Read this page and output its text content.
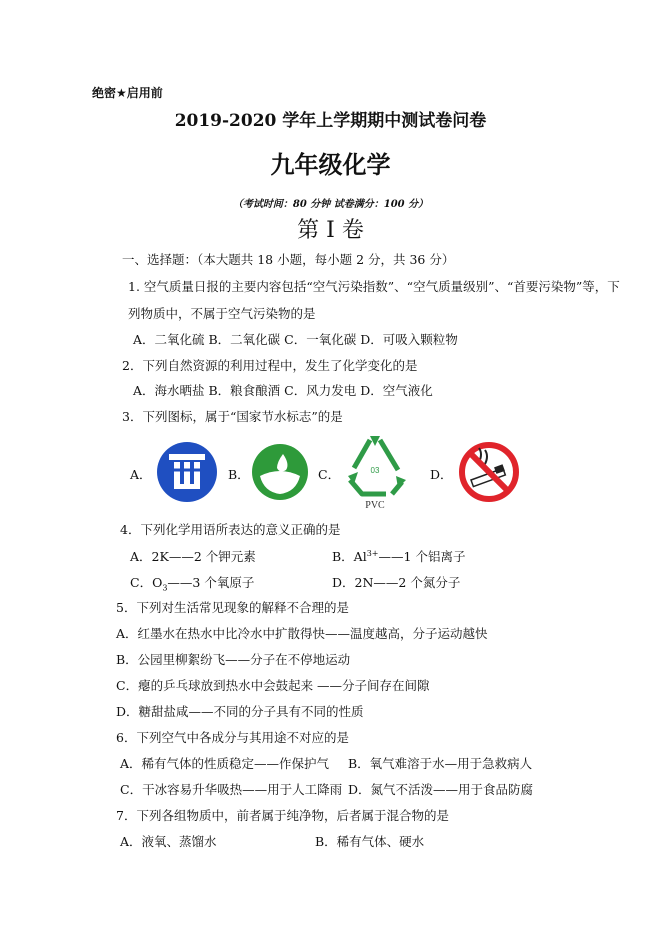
绝密★启用前
2019-2020 学年上学期期中测试卷问卷
九年级化学
（考试时间：80 分钟 试卷满分：100 分）
第 I 卷
一、选择题：（本大题共 18 小题，每小题 2 分，共 36 分）
1. 空气质量日报的主要内容包括“空气污染指数”、“空气质量级别”、“首要污染物”等，下
列物质中，不属于空气污染物的是
A．二氧化硫 B．二氧化碳 C．一氧化碳 D．可吸入颗粒物
2．下列自然资源的利用过程中，发生了化学变化的是
A．海水晒盐 B．粮食酿酒 C．风力发电 D．空气液化
3．下列图标，属于“国家节水标志”的是
A．	B．	C．	D．
03
PVC
4．下列化学用语所表达的意义正确的是
A．2K——2 个钾元素	B．$Al^{3+}——1$ 个铝离子
C．$O_3——3$ 个氧原子	D．2N——2 个氮分子
5．下列对生活常见现象的解释不合理的是
A．红墨水在热水中比冷水中扩散得快——温度越高，分子运动越快
B．公园里柳絮纷飞——分子在不停地运动
C．瘪的乒乓球放到热水中会鼓起来 ——分子间存在间隙
D．糖甜盐咸——不同的分子具有不同的性质
6．下列空气中各成分与其用途不对应的是
A．稀有气体的性质稳定——作保护气 B．氧气难溶于水—用于急救病人
C．干冰容易升华吸热——用于人工降雨 D．氮气不活泼——用于食品防腐
7．下列各组物质中，前者属于纯净物，后者属于混合物的是
A．液氧、蒸馏水	B．稀有气体、硬水
